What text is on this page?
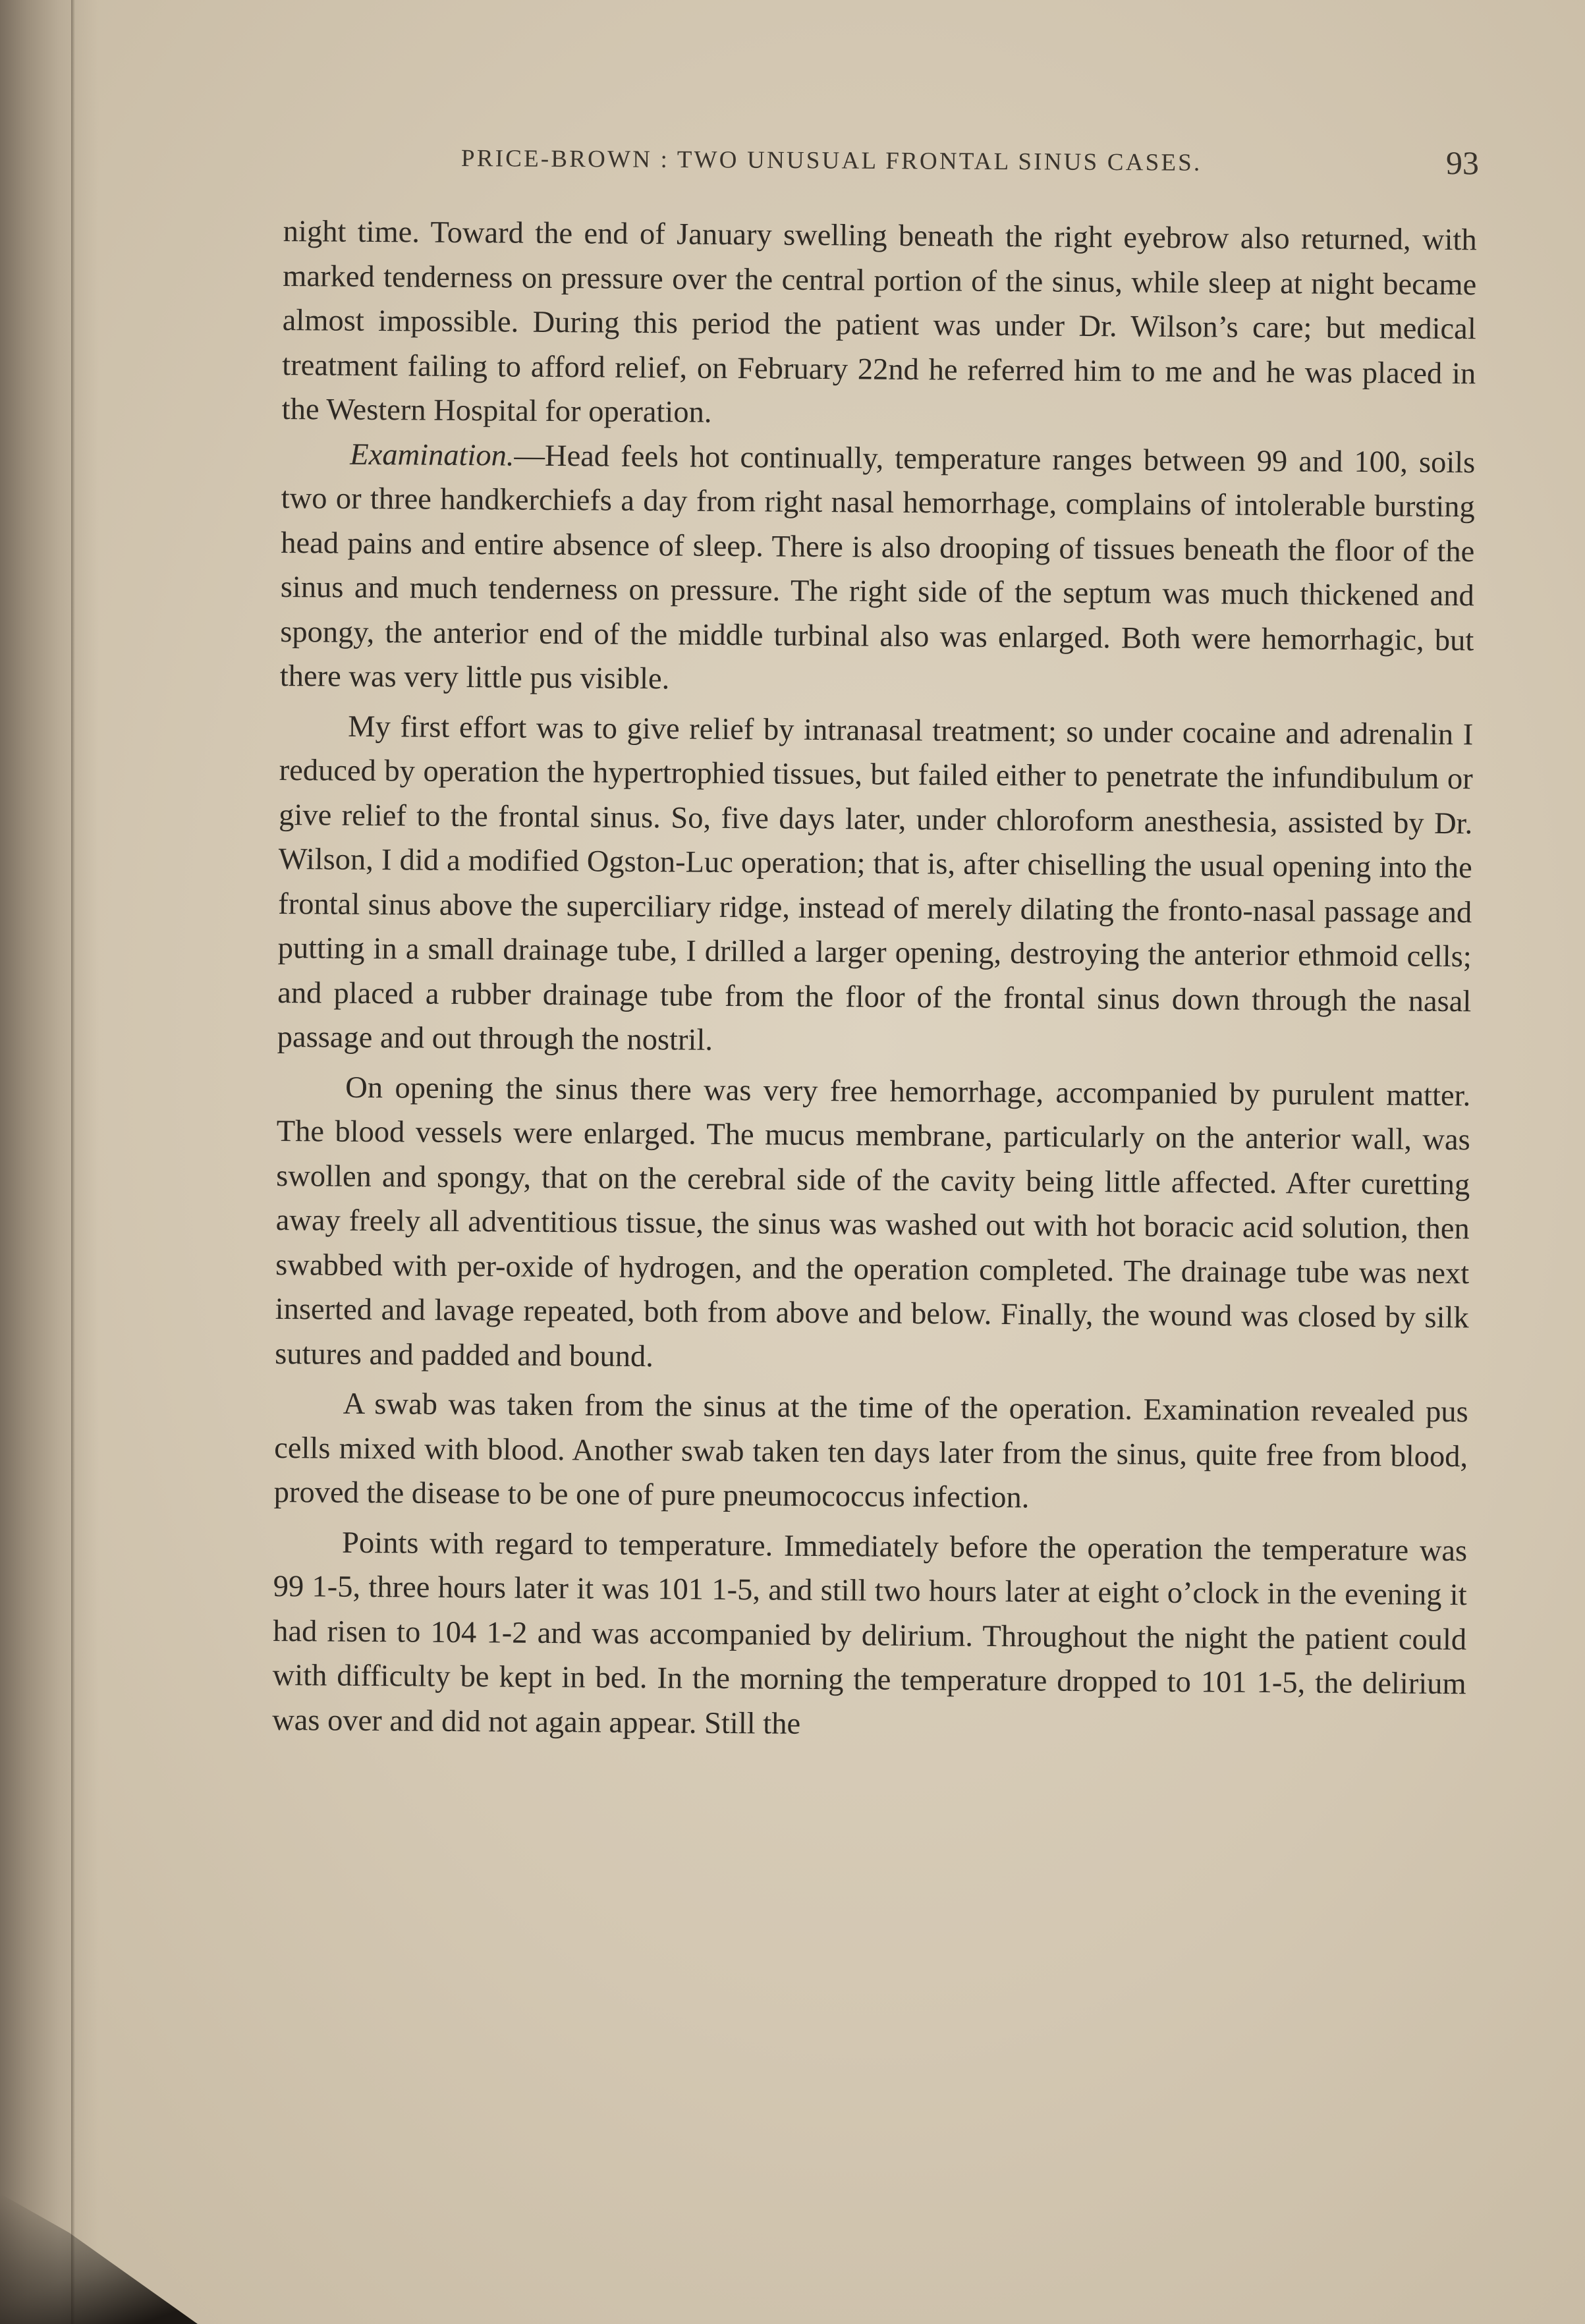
PRICE-BROWN : TWO UNUSUAL FRONTAL SINUS CASES.	93

night time. Toward the end of January swelling beneath the right eyebrow also returned, with marked tenderness on pressure over the central portion of the sinus, while sleep at night became almost impossible. During this period the patient was under Dr. Wilson’s care; but medical treatment failing to afford relief, on February 22nd he referred him to me and he was placed in the Western Hospital for operation.

Examination.—Head feels hot continually, temperature ranges between 99 and 100, soils two or three handkerchiefs a day from right nasal hemorrhage, complains of intolerable bursting head pains and entire absence of sleep. There is also drooping of tissues beneath the floor of the sinus and much tenderness on pressure. The right side of the septum was much thickened and spongy, the anterior end of the middle turbinal also was enlarged. Both were hemorrhagic, but there was very little pus visible.

My first effort was to give relief by intranasal treatment; so under cocaine and adrenalin I reduced by operation the hypertrophied tissues, but failed either to penetrate the infundibulum or give relief to the frontal sinus. So, five days later, under chloroform anesthesia, assisted by Dr. Wilson, I did a modified Ogston-Luc operation; that is, after chiselling the usual opening into the frontal sinus above the superciliary ridge, instead of merely dilating the fronto-nasal passage and putting in a small drainage tube, I drilled a larger opening, destroying the anterior ethmoid cells; and placed a rubber drainage tube from the floor of the frontal sinus down through the nasal passage and out through the nostril.

On opening the sinus there was very free hemorrhage, accompanied by purulent matter. The blood vessels were enlarged. The mucus membrane, particularly on the anterior wall, was swollen and spongy, that on the cerebral side of the cavity being little affected. After curetting away freely all adventitious tissue, the sinus was washed out with hot boracic acid solution, then swabbed with per-oxide of hydrogen, and the operation completed. The drainage tube was next inserted and lavage repeated, both from above and below. Finally, the wound was closed by silk sutures and padded and bound.

A swab was taken from the sinus at the time of the operation. Examination revealed pus cells mixed with blood. Another swab taken ten days later from the sinus, quite free from blood, proved the disease to be one of pure pneumococcus infection.

Points with regard to temperature. Immediately before the operation the temperature was 99 1-5, three hours later it was 101 1-5, and still two hours later at eight o’clock in the evening it had risen to 104 1-2 and was accompanied by delirium. Throughout the night the patient could with difficulty be kept in bed. In the morning the temperature dropped to 101 1-5, the delirium was over and did not again appear. Still the
